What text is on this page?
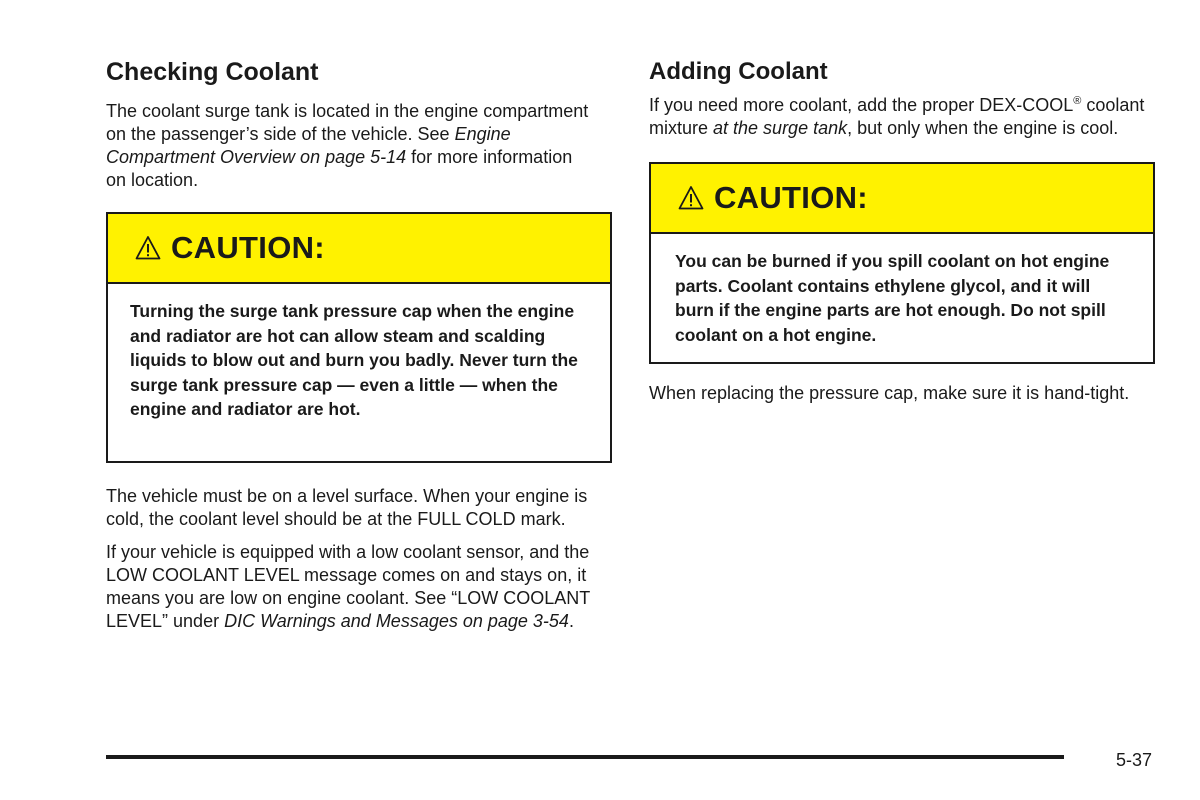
Checking Coolant

The coolant surge tank is located in the engine compartment on the passenger’s side of the vehicle. See Engine Compartment Overview on page 5-14 for more information on location.

CAUTION:

Turning the surge tank pressure cap when the engine and radiator are hot can allow steam and scalding liquids to blow out and burn you badly. Never turn the surge tank pressure cap — even a little — when the engine and radiator are hot.

The vehicle must be on a level surface. When your engine is cold, the coolant level should be at the FULL COLD mark.

If your vehicle is equipped with a low coolant sensor, and the LOW COOLANT LEVEL message comes on and stays on, it means you are low on engine coolant. See “LOW COOLANT LEVEL” under DIC Warnings and Messages on page 3-54.

Adding Coolant

If you need more coolant, add the proper DEX-COOL® coolant mixture at the surge tank, but only when the engine is cool.

CAUTION:

You can be burned if you spill coolant on hot engine parts. Coolant contains ethylene glycol, and it will burn if the engine parts are hot enough. Do not spill coolant on a hot engine.

When replacing the pressure cap, make sure it is hand-tight.

5-37
